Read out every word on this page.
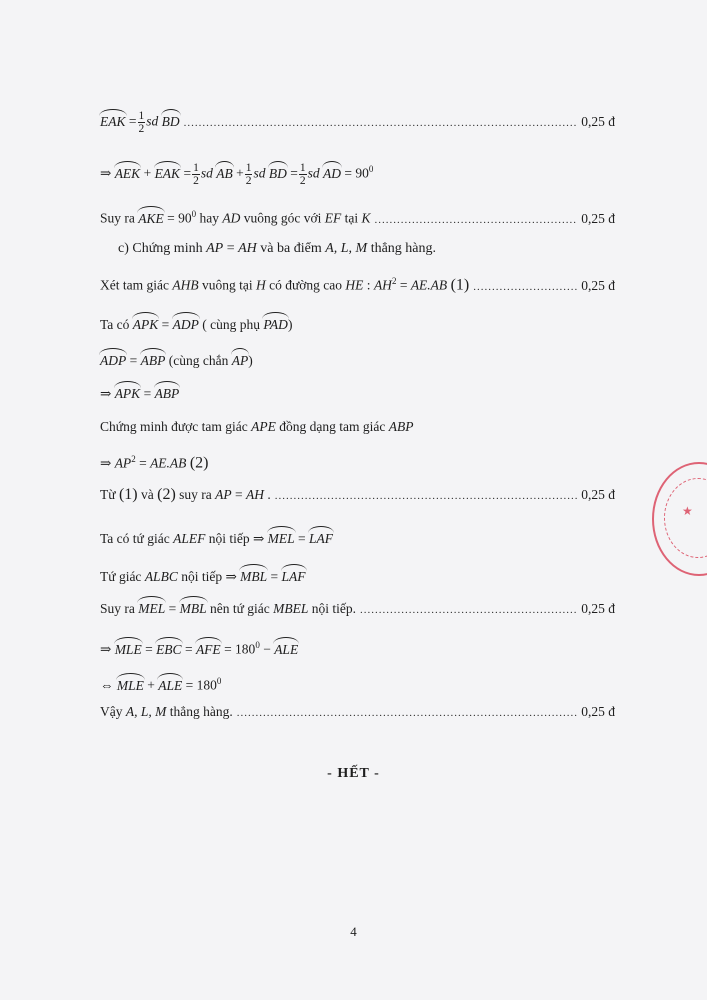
EAK = $\frac{1}{2}$ sd BD .....	0,25 đ
⇒ AEK + EAK = $\frac{1}{2}$ sd AB + $\frac{1}{2}$ sd BD = $\frac{1}{2}$ sd AD = $90^0$
Suy ra AKE = $90^0$ hay AD vuông góc với EF tại K .....	0,25 đ
c) Chứng minh AP = AH và ba điểm A, L, M thẳng hàng.
Xét tam giác AHB vuông tại H có đường cao HE : $AH^2 = AE.AB$ (1) .....	0,25 đ
Ta có APK = ADP ( cùng phụ PAD)
ADP = ABP (cùng chắn AP)
⇒ APK = ABP
Chứng minh được tam giác APE đồng dạng tam giác ABP
⇒ $AP^2 = AE.AB$ (2)
Từ (1) và (2) suy ra AP = AH . .....	0,25 đ
Ta có tứ giác ALEF nội tiếp ⇒ MEL = LAF
Tứ giác ALBC nội tiếp ⇒ MBL = LAF
Suy ra MEL = MBL nên tứ giác MBEL nội tiếp. .....	0,25 đ
⇒ MLE = EBC = AFE = $180^0$ − ALE
⇔ MLE + ALE = $180^0$
Vậy A, L, M thẳng hàng. .....	0,25 đ
- HẾT -
4
★
